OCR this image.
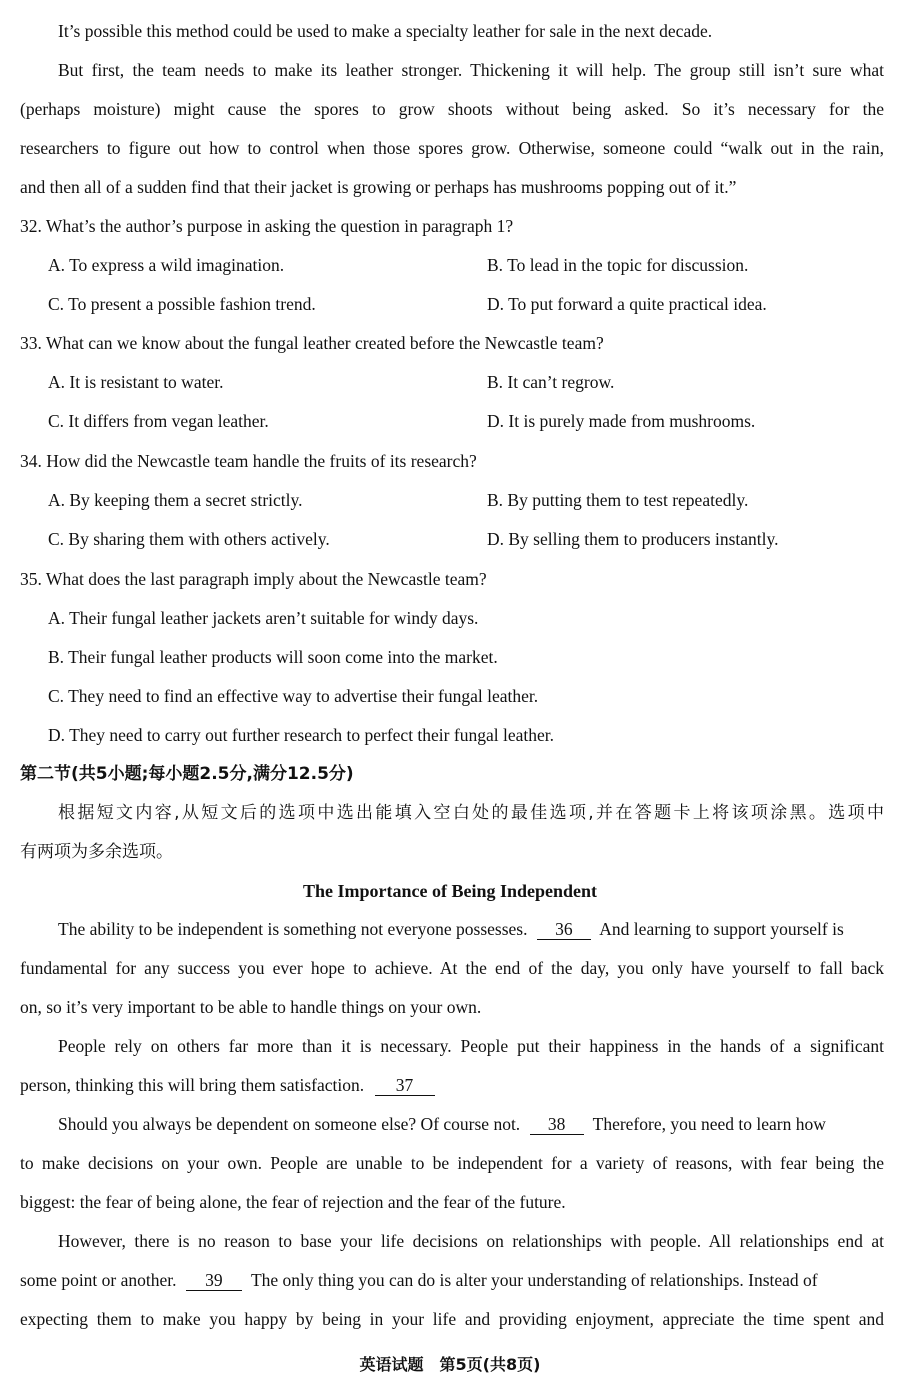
It’s possible this method could be used to make a specialty leather for sale in the next decade.
But first, the team needs to make its leather stronger. Thickening it will help. The group still isn’t sure what
(perhaps moisture) might cause the spores to grow shoots without being asked. So it’s necessary for the
researchers to figure out how to control when those spores grow. Otherwise, someone could “walk out in the rain,
and then all of a sudden find that their jacket is growing or perhaps has mushrooms popping out of it.”
32. What’s the author’s purpose in asking the question in paragraph 1?
A. To express a wild imagination.	B. To lead in the topic for discussion.
C. To present a possible fashion trend.	D. To put forward a quite practical idea.
33. What can we know about the fungal leather created before the Newcastle team?
A. It is resistant to water.	B. It can’t regrow.
C. It differs from vegan leather.	D. It is purely made from mushrooms.
34. How did the Newcastle team handle the fruits of its research?
A. By keeping them a secret strictly.	B. By putting them to test repeatedly.
C. By sharing them with others actively.	D. By selling them to producers instantly.
35. What does the last paragraph imply about the Newcastle team?
A. Their fungal leather jackets aren’t suitable for windy days.
B. Their fungal leather products will soon come into the market.
C. They need to find an effective way to advertise their fungal leather.
D. They need to carry out further research to perfect their fungal leather.
第二节(共5小题;每小题2.5分,满分12.5分)
根据短文内容,从短文后的选项中选出能填入空白处的最佳选项,并在答题卡上将该项涂黑。选项中
有两项为多余选项。
The Importance of Being Independent
The ability to be independent is something not everyone possesses. 36 And learning to support yourself is
fundamental for any success you ever hope to achieve. At the end of the day, you only have yourself to fall back
on, so it’s very important to be able to handle things on your own.
People rely on others far more than it is necessary. People put their happiness in the hands of a significant
person, thinking this will bring them satisfaction. 37
Should you always be dependent on someone else? Of course not. 38 Therefore, you need to learn how
to make decisions on your own. People are unable to be independent for a variety of reasons, with fear being the
biggest: the fear of being alone, the fear of rejection and the fear of the future.
However, there is no reason to base your life decisions on relationships with people. All relationships end at
some point or another. 39 The only thing you can do is alter your understanding of relationships. Instead of
expecting them to make you happy by being in your life and providing enjoyment, appreciate the time spent and
英语试题　第5页(共8页)
